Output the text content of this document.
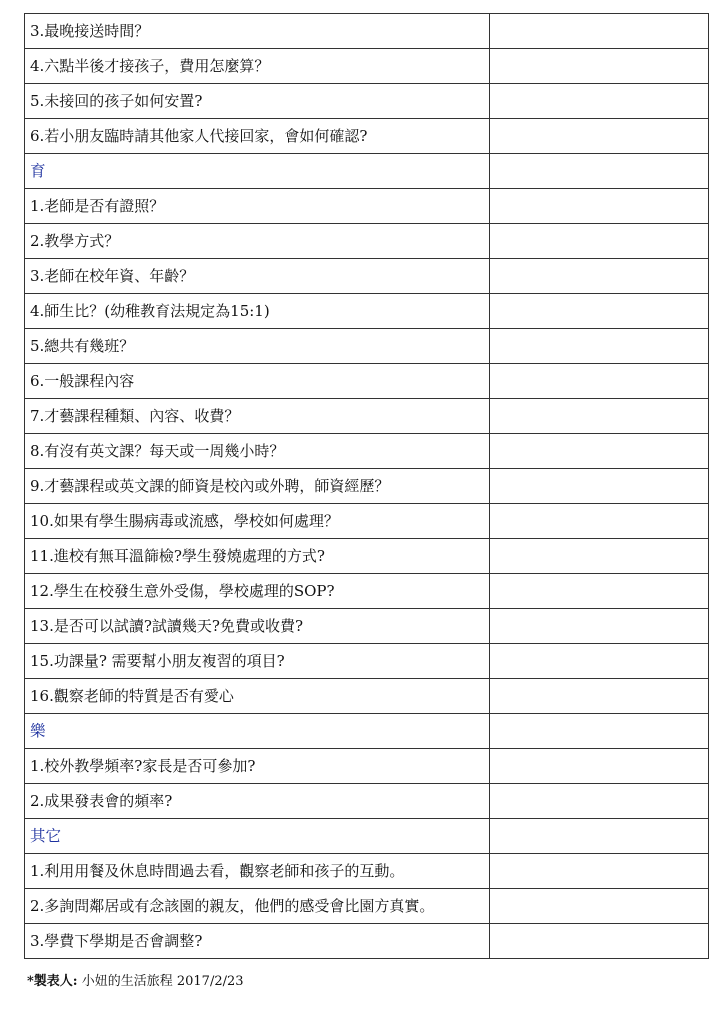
3.最晚接送時間？	
4.六點半後才接孩子，費用怎麼算？	
5.未接回的孩子如何安置?	
6.若小朋友臨時請其他家人代接回家，會如何確認?	
育	
1.老師是否有證照？	
2.教學方式？	
3.老師在校年資、年齡？	
4.師生比？(幼稚教育法規定為15:1)	
5.總共有幾班？	
6.一般課程內容	
7.才藝課程種類、內容、收費？	
8.有沒有英文課？每天或一周幾小時？	
9.才藝課程或英文課的師資是校內或外聘，師資經歷？	
10.如果有學生腸病毒或流感，學校如何處理？	
11.進校有無耳溫篩檢?學生發燒處理的方式?	
12.學生在校發生意外受傷，學校處理的SOP?	
13.是否可以試讀?試讀幾天?免費或收費?	
15.功課量? 需要幫小朋友複習的項目?	
16.觀察老師的特質是否有愛心	
樂	
1.校外教學頻率?家長是否可參加?	
2.成果發表會的頻率?	
其它	
1.利用用餐及休息時間過去看，觀察老師和孩子的互動。	
2.多詢問鄰居或有念該園的親友，他們的感受會比園方真實。	
3.學費下學期是否會調整?	
*製表人: 小妞的生活旅程 2017/2/23
